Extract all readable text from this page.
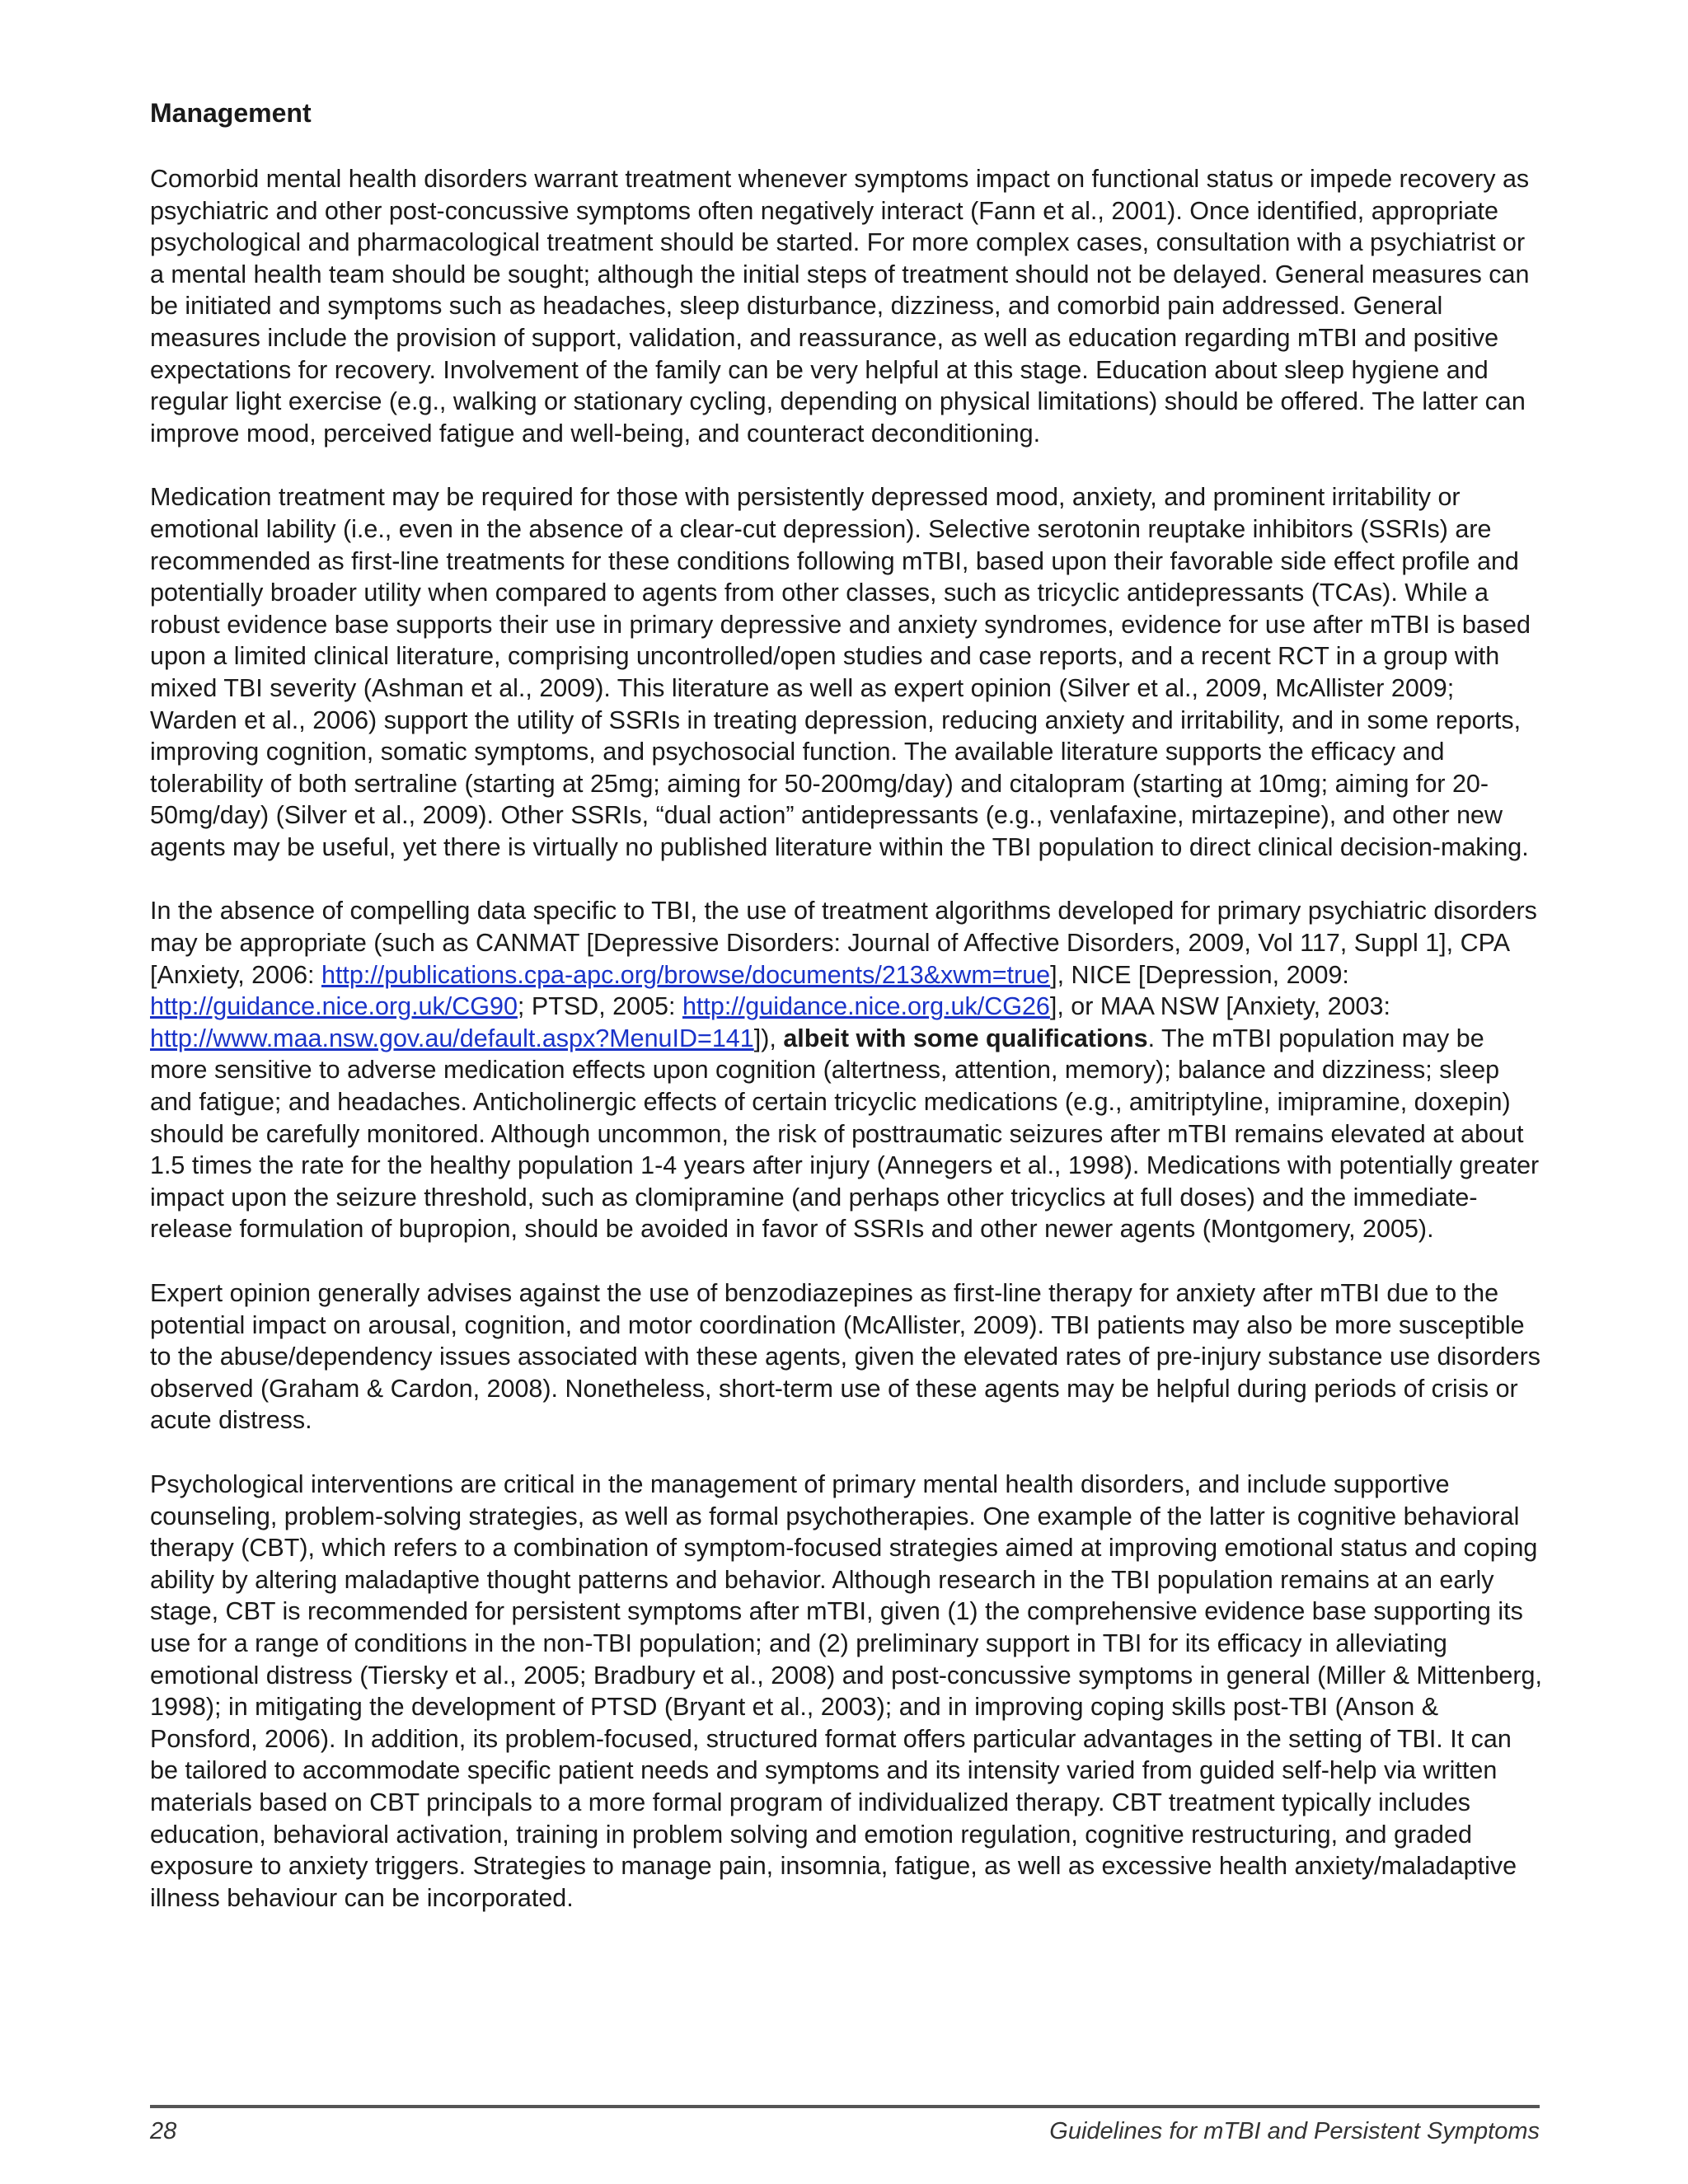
Management

Comorbid mental health disorders warrant treatment whenever symptoms impact on functional status or impede recovery as psychiatric and other post-concussive symptoms often negatively interact (Fann et al., 2001). Once identified, appropriate psychological and pharmacological treatment should be started. For more complex cases, consultation with a psychiatrist or a mental health team should be sought; although the initial steps of treatment should not be delayed. General measures can be initiated and symptoms such as headaches, sleep disturbance, dizziness, and comorbid pain addressed. General measures include the provision of support, validation, and reassurance, as well as education regarding mTBI and positive expectations for recovery. Involvement of the family can be very helpful at this stage. Education about sleep hygiene and regular light exercise (e.g., walking or stationary cycling, depending on physical limitations) should be offered. The latter can improve mood, perceived fatigue and well-being, and counteract deconditioning.

Medication treatment may be required for those with persistently depressed mood, anxiety, and prominent irritability or emotional lability (i.e., even in the absence of a clear-cut depression). Selective serotonin reuptake inhibitors (SSRIs) are recommended as first-line treatments for these conditions following mTBI, based upon their favorable side effect profile and potentially broader utility when compared to agents from other classes, such as tricyclic antidepressants (TCAs). While a robust evidence base supports their use in primary depressive and anxiety syndromes, evidence for use after mTBI is based upon a limited clinical literature, comprising uncontrolled/open studies and case reports, and a recent RCT in a group with mixed TBI severity (Ashman et al., 2009). This literature as well as expert opinion (Silver et al., 2009, McAllister 2009; Warden et al., 2006) support the utility of SSRIs in treating depression, reducing anxiety and irritability, and in some reports, improving cognition, somatic symptoms, and psychosocial function. The available literature supports the efficacy and tolerability of both sertraline (starting at 25mg; aiming for 50-200mg/day) and citalopram (starting at 10mg; aiming for 20-50mg/day) (Silver et al., 2009). Other SSRIs, “dual action” antidepressants (e.g., venlafaxine, mirtazepine), and other new agents may be useful, yet there is virtually no published literature within the TBI population to direct clinical decision-making.

In the absence of compelling data specific to TBI, the use of treatment algorithms developed for primary psychiatric disorders may be appropriate (such as CANMAT [Depressive Disorders: Journal of Affective Disorders, 2009, Vol 117, Suppl 1], CPA [Anxiety, 2006: http://publications.cpa-apc.org/browse/documents/213&xwm=true], NICE [Depression, 2009: http://guidance.nice.org.uk/CG90; PTSD, 2005: http://guidance.nice.org.uk/CG26], or MAA NSW [Anxiety, 2003: http://www.maa.nsw.gov.au/default.aspx?MenuID=141]), albeit with some qualifications. The mTBI population may be more sensitive to adverse medication effects upon cognition (altertness, attention, memory); balance and dizziness; sleep and fatigue; and headaches. Anticholinergic effects of certain tricyclic medications (e.g., amitriptyline, imipramine, doxepin) should be carefully monitored. Although uncommon, the risk of posttraumatic seizures after mTBI remains elevated at about 1.5 times the rate for the healthy population 1-4 years after injury (Annegers et al., 1998). Medications with potentially greater impact upon the seizure threshold, such as clomipramine (and perhaps other tricyclics at full doses) and the immediate-release formulation of bupropion, should be avoided in favor of SSRIs and other newer agents (Montgomery, 2005).

Expert opinion generally advises against the use of benzodiazepines as first-line therapy for anxiety after mTBI due to the potential impact on arousal, cognition, and motor coordination (McAllister, 2009). TBI patients may also be more susceptible to the abuse/dependency issues associated with these agents, given the elevated rates of pre-injury substance use disorders observed (Graham & Cardon, 2008). Nonetheless, short-term use of these agents may be helpful during periods of crisis or acute distress.

Psychological interventions are critical in the management of primary mental health disorders, and include supportive counseling, problem-solving strategies, as well as formal psychotherapies. One example of the latter is cognitive behavioral therapy (CBT), which refers to a combination of symptom-focused strategies aimed at improving emotional status and coping ability by altering maladaptive thought patterns and behavior. Although research in the TBI population remains at an early stage, CBT is recommended for persistent symptoms after mTBI, given (1) the comprehensive evidence base supporting its use for a range of conditions in the non-TBI population; and (2) preliminary support in TBI for its efficacy in alleviating emotional distress (Tiersky et al., 2005; Bradbury et al., 2008) and post-concussive symptoms in general (Miller & Mittenberg, 1998); in mitigating the development of PTSD (Bryant et al., 2003); and in improving coping skills post-TBI (Anson & Ponsford, 2006). In addition, its problem-focused, structured format offers particular advantages in the setting of TBI. It can be tailored to accommodate specific patient needs and symptoms and its intensity varied from guided self-help via written materials based on CBT principals to a more formal program of individualized therapy. CBT treatment typically includes education, behavioral activation, training in problem solving and emotion regulation, cognitive restructuring, and graded exposure to anxiety triggers. Strategies to manage pain, insomnia, fatigue, as well as excessive health anxiety/maladaptive illness behaviour can be incorporated.

28	Guidelines for mTBI and Persistent Symptoms
